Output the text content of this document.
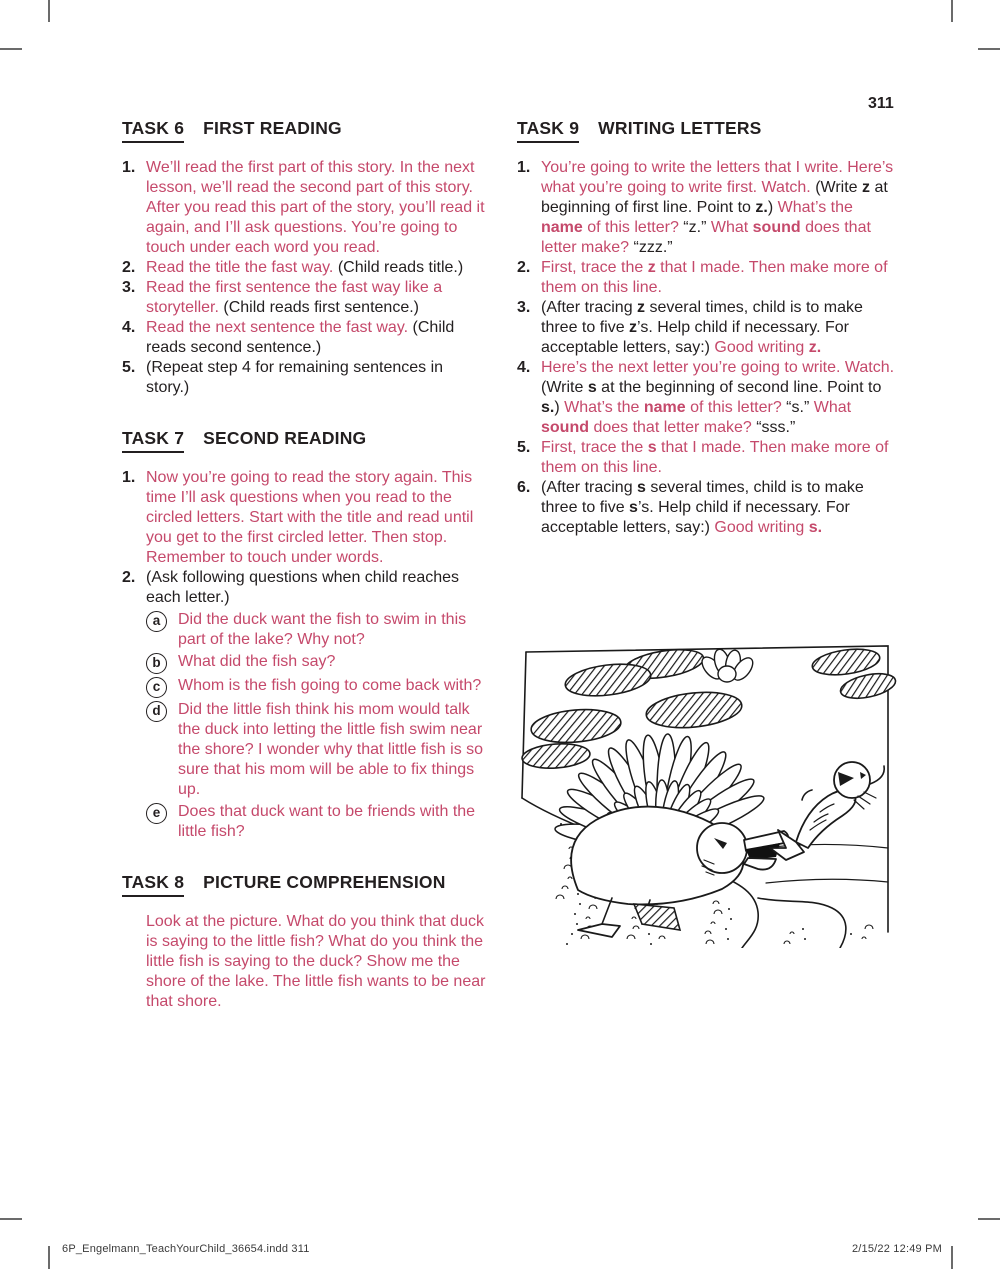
311
TASK 6 FIRST READING
1. We’ll read the first part of this story. In the next lesson, we’ll read the second part of this story. After you read this part of the story, you’ll read it again, and I’ll ask questions. You’re going to touch under each word you read.
2. Read the title the fast way. (Child reads title.)
3. Read the first sentence the fast way like a storyteller. (Child reads first sentence.)
4. Read the next sentence the fast way. (Child reads second sentence.)
5. (Repeat step 4 for remaining sentences in story.)
TASK 7 SECOND READING
1. Now you’re going to read the story again. This time I’ll ask questions when you read to the circled letters. Start with the title and read until you get to the first circled letter. Then stop. Remember to touch under words.
2. (Ask following questions when child reaches each letter.)
a	Did the duck want the fish to swim in this part of the lake? Why not?
b	What did the fish say?
c	Whom is the fish going to come back with?
d	Did the little fish think his mom would talk the duck into letting the little fish swim near the shore? I wonder why that little fish is so sure that his mom will be able to fix things up.
e	Does that duck want to be friends with the little fish?
TASK 8 PICTURE COMPREHENSION
Look at the picture. What do you think that duck is saying to the little fish? What do you think the little fish is saying to the duck? Show me the shore of the lake. The little fish wants to be near that shore.
TASK 9 WRITING LETTERS
1. You’re going to write the letters that I write. Here’s what you’re going to write first. Watch. (Write z at beginning of first line. Point to z.) What’s the name of this letter? “z.” What sound does that letter make? “zzz.”
2. First, trace the z that I made. Then make more of them on this line.
3. (After tracing z several times, child is to make three to five z’s. Help child if necessary. For acceptable letters, say:) Good writing z.
4. Here’s the next letter you’re going to write. Watch. (Write s at the beginning of second line. Point to s.) What’s the name of this letter? “s.” What sound does that letter make? “sss.”
5. First, trace the s that I made. Then make more of them on this line.
6. (After tracing s several times, child is to make three to five s’s. Help child if necessary. For acceptable letters, say:) Good writing s.
6P_Engelmann_TeachYourChild_36654.indd 311	2/15/22 12:49 PM
